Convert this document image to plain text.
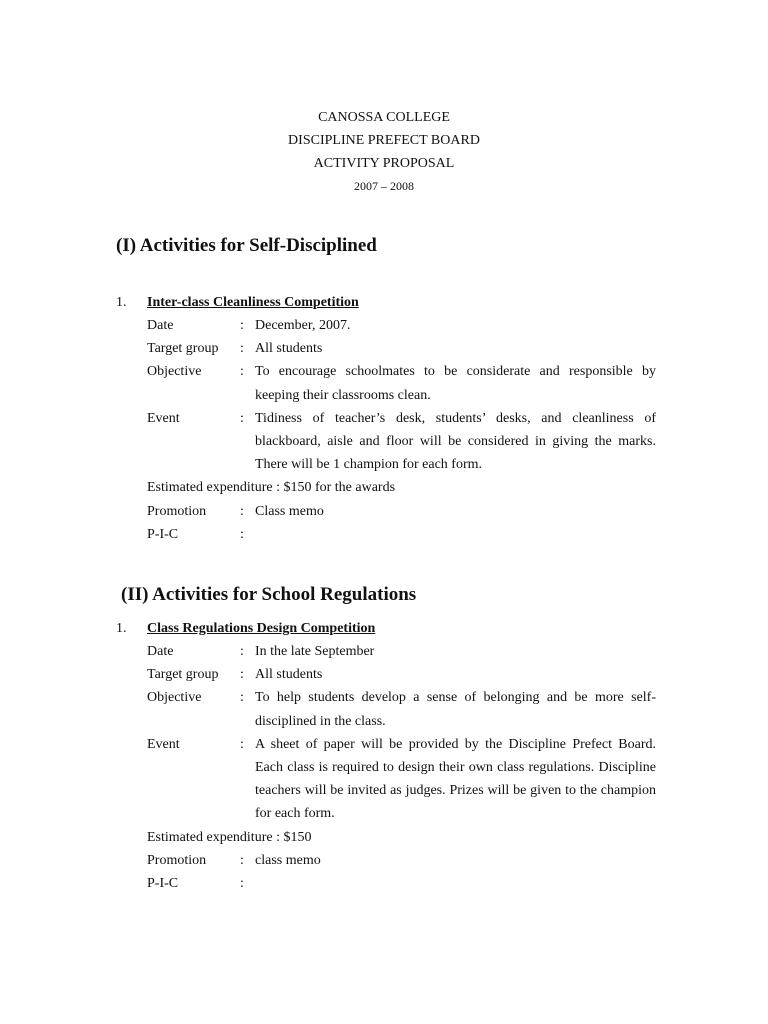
CANOSSA COLLEGE
DISCIPLINE PREFECT BOARD
ACTIVITY PROPOSAL
2007 – 2008
(I) Activities for Self-Disciplined
1. Inter-class Cleanliness Competition
Date	: December, 2007.
Target group : All students
Objective	: To encourage schoolmates to be considerate and responsible by keeping their classrooms clean.
Event	: Tidiness of teacher’s desk, students’ desks, and cleanliness of blackboard, aisle and floor will be considered in giving the marks. There will be 1 champion for each form.
Estimated expenditure : $150 for the awards
Promotion : Class memo
P-I-C	:
(II) Activities for School Regulations
1. Class Regulations Design Competition
Date	: In the late September
Target group : All students
Objective	: To help students develop a sense of belonging and be more self-disciplined in the class.
Event	: A sheet of paper will be provided by the Discipline Prefect Board. Each class is required to design their own class regulations. Discipline teachers will be invited as judges. Prizes will be given to the champion for each form.
Estimated expenditure : $150
Promotion : class memo
P-I-C	:
